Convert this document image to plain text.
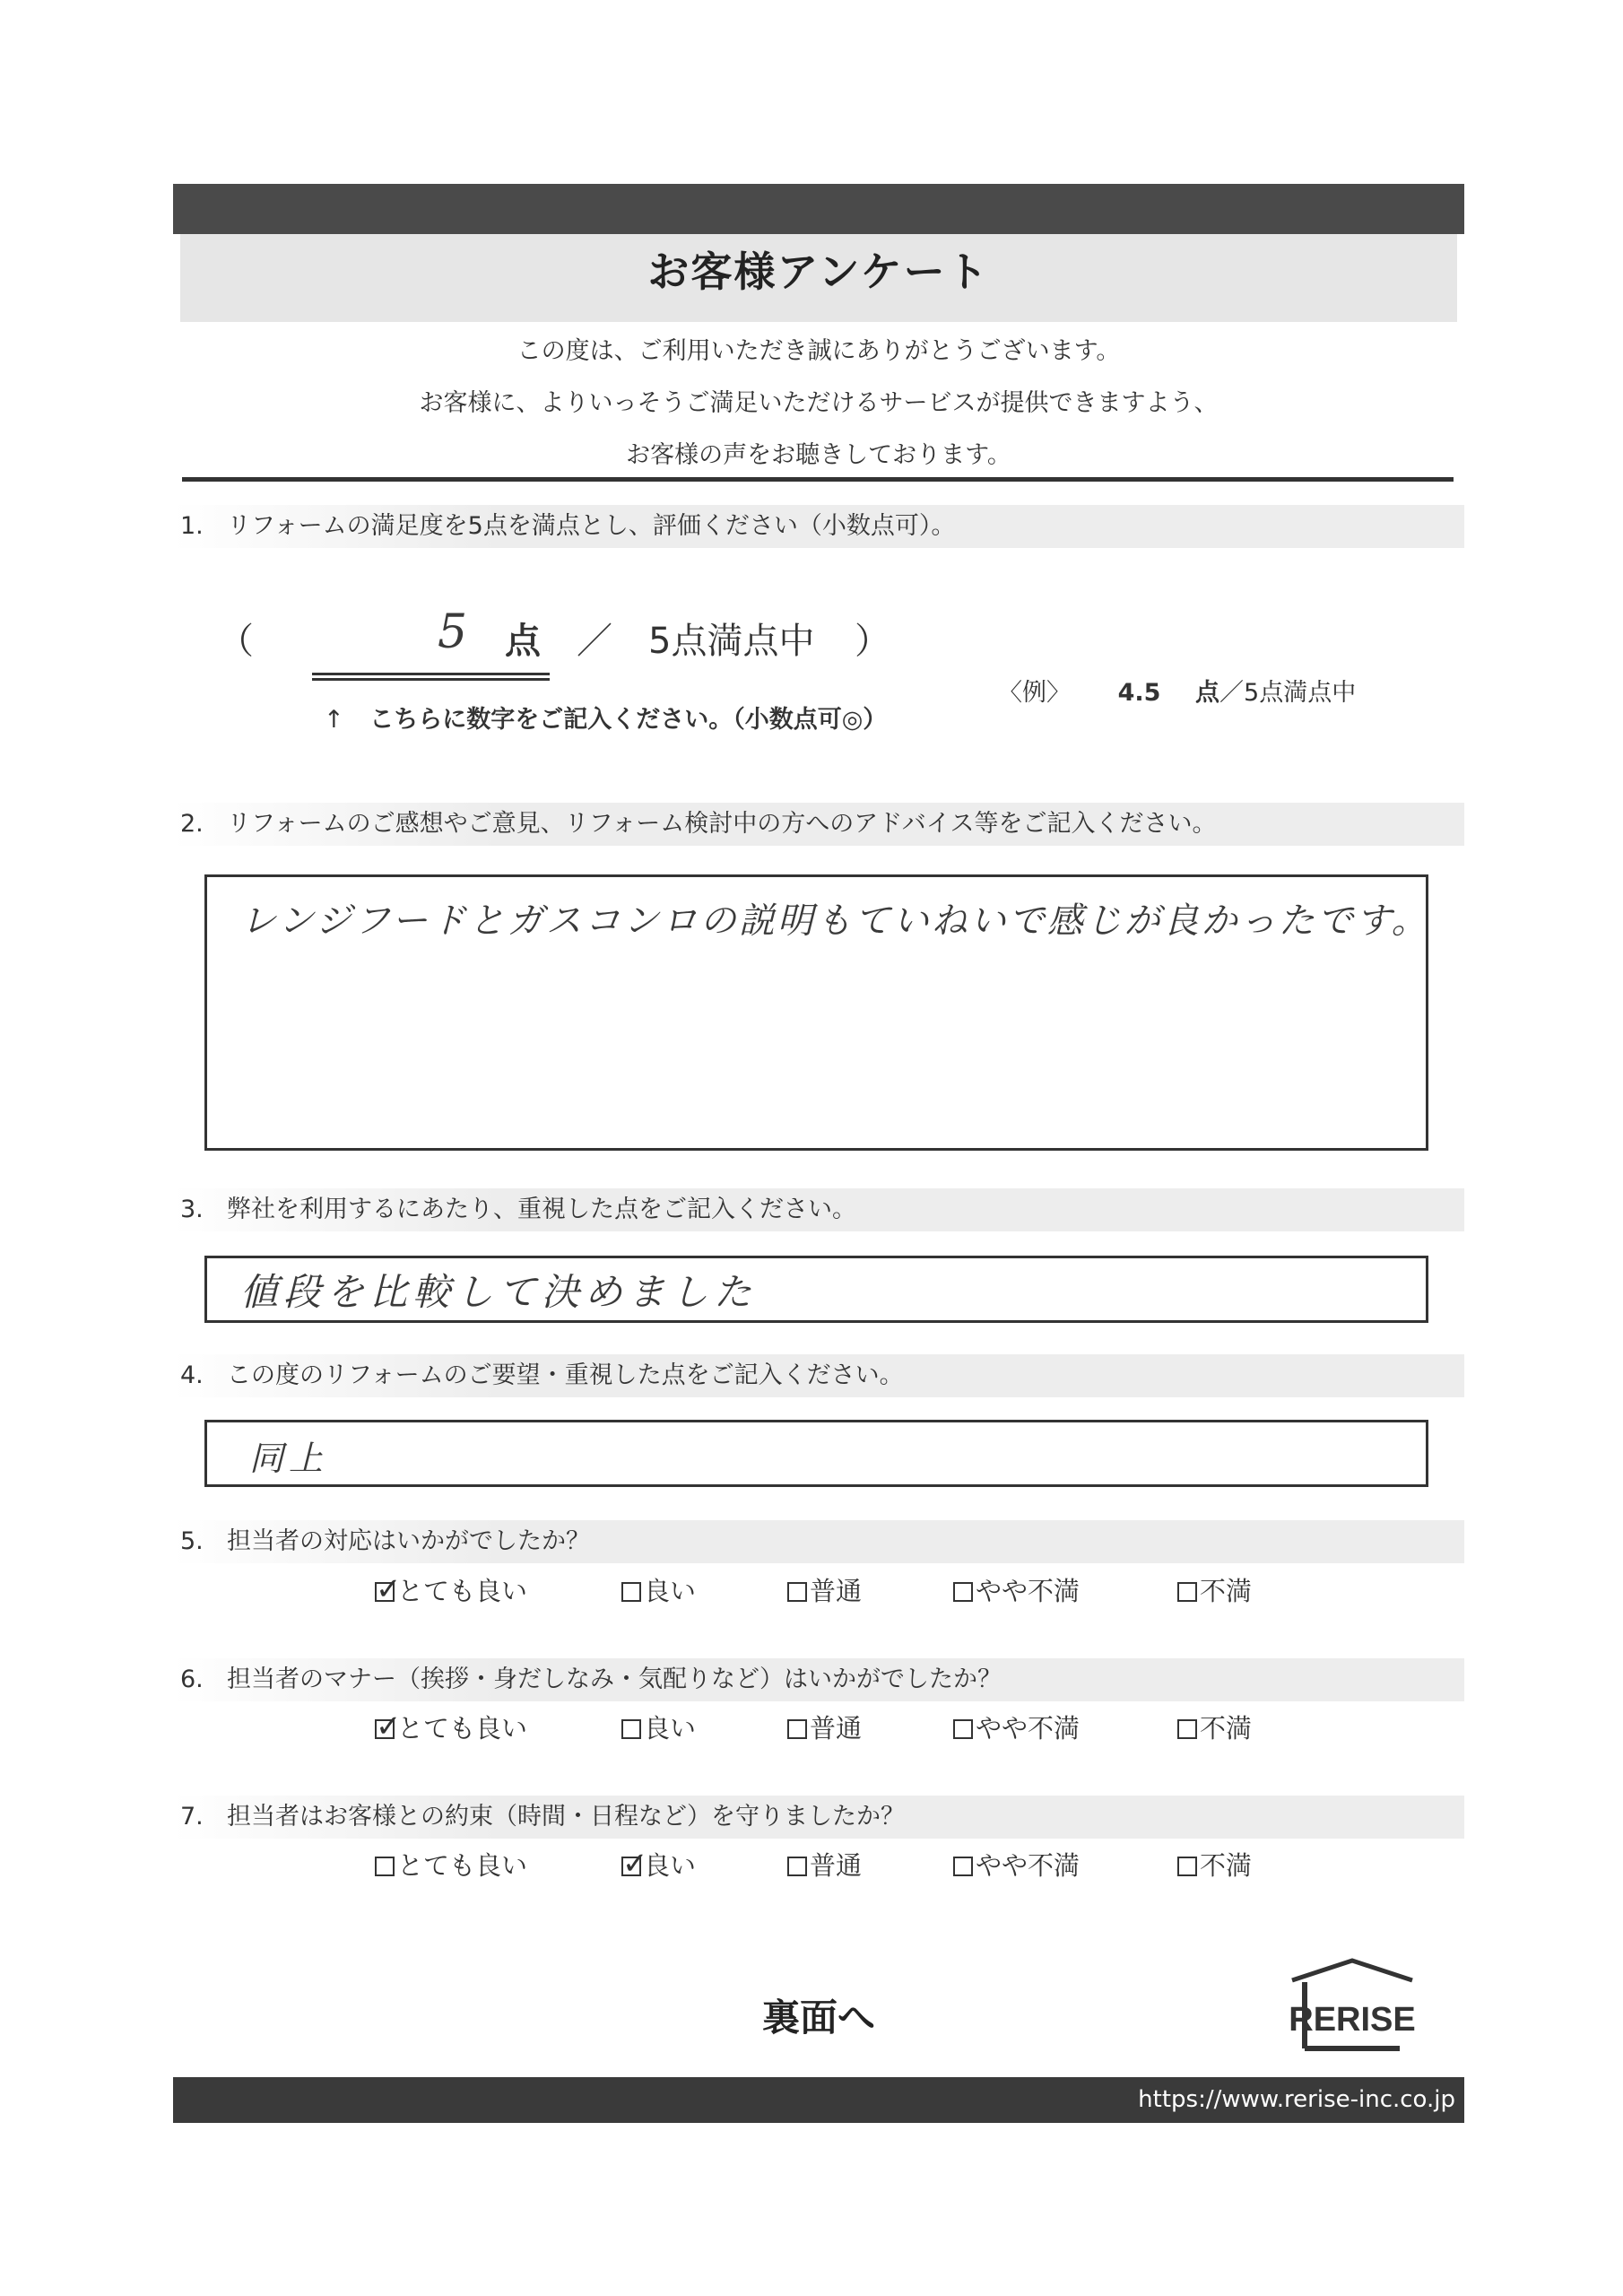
お客様アンケート
この度は、ご利用いただき誠にありがとうございます。
お客様に、よりいっそうご満足いただけるサービスが提供できますよう、
お客様の声をお聴きしております。
1. リフォームの満足度を5点を満点とし、評価ください（小数点可）。
（	5 点 ／ 5点満点中 ）
〈例〉 4.5 点／5点満点中
↑ こちらに数字をご記入ください。（小数点可◎）
2. リフォームのご感想やご意見、リフォーム検討中の方へのアドバイス等をご記入ください。
レンジフードとガスコンロの説明もていねいで感じが良かったです。
3. 弊社を利用するにあたり、重視した点をご記入ください。
値段を比較して決めました
4. この度のリフォームのご要望・重視した点をご記入ください。
同上
5. 担当者の対応はいかがでしたか？
✓とても良い	良い	普通	やや不満	不満
6. 担当者のマナー（挨拶・身だしなみ・気配りなど）はいかがでしたか？
✓とても良い	良い	普通	やや不満	不満
7. 担当者はお客様との約束（時間・日程など）を守りましたか？
とても良い
✓	良い	普通	やや不満	不満
裏面へ	RERISE
https://www.rerise-inc.co.jp
